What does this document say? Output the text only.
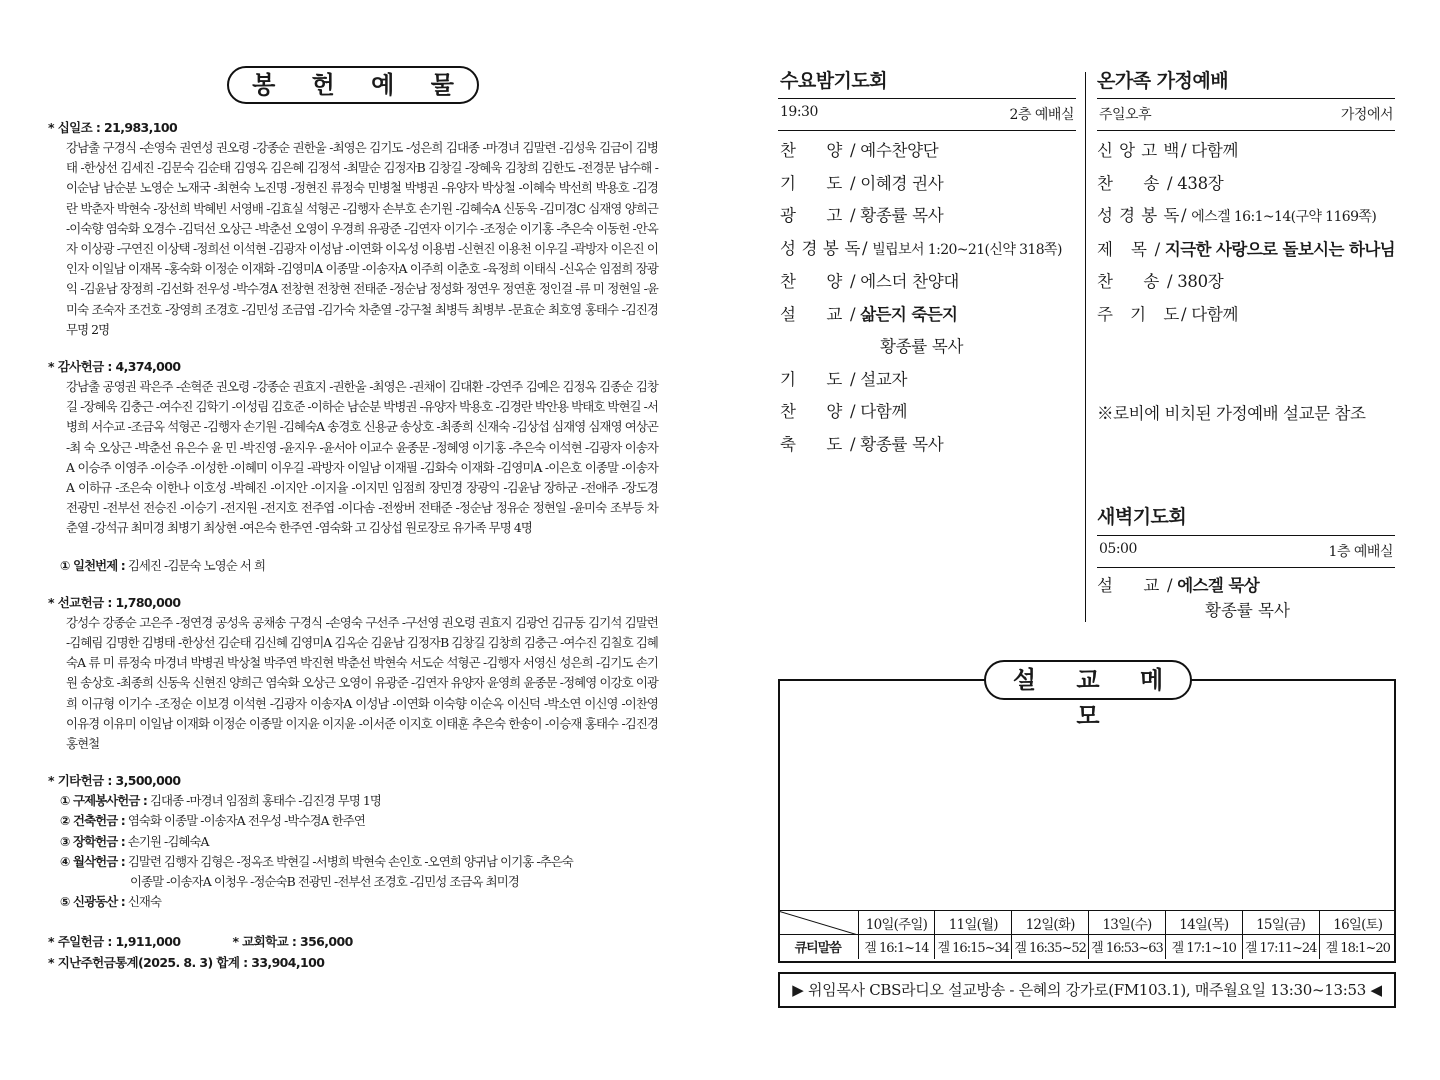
봉 헌 예 물
* 십일조 : 21,983,100
강남출 구경식 -손영숙 권연성 권오령 -강종순 권한울 -최영은 김기도 -성은희 김대종 -마경녀 김말련 -김성욱 김금이 김병태 -한상선 김세진 -김문숙 김순태 김영옥 김은혜 김정석 -최말순 김정자B 김창길 -장혜욱 김창희 김한도 -전경문 남수해 -이순남 남순분 노영순 노재국 -최현숙 노진명 -정현진 류정숙 민병철 박병권 -유양자 박상철 -이혜숙 박선희 박용호 -김경란 박춘자 박현숙 -장선희 박혜빈 서영배 -김효실 석형곤 -김행자 손부호 손기원 -김혜숙A 신동욱 -김미경C 심재영 양희근 -이숙향 염숙화 오경수 -김덕선 오상근 -박춘선 오영이 우경희 유광준 -김연자 이기수 -조정순 이기홍 -추은숙 이동헌 -안옥자 이상광 -구연진 이상택 -정희선 이석현 -김광자 이성남 -이연화 이옥성 이용범 -신현진 이용천 이우길 -곽방자 이은진 이인자 이일남 이재목 -홍숙화 이정순 이재화 -김영미A 이종말 -이송자A 이주희 이춘호 -육정희 이태식 -신옥순 임점희 장광익 -김윤남 장정희 -김선화 전우성 -박수경A 전창현 전창현 전태준 -정순남 정성화 정연우 정연훈 정인걸 -류 미 정현일 -윤미숙 조숙자 조건호 -장영희 조경호 -김민성 조금엽 -김가숙 차춘열 -강구철 최병득 최병부 -문효순 최호영 홍태수 -김진경 무명 2명
* 감사헌금 : 4,374,000
강남출 공영권 곽은주 -손혁준 권오령 -강종순 권효지 -권한울 -최영은 -권채이 김대환 -강연주 김예은 김정옥 김종순 김창길 -장혜욱 김충근 -여수진 김학기 -이성림 김호준 -이하순 남순분 박병권 -유양자 박용호 -김경란 박안용 박태호 박현길 -서병희 서수교 -조금옥 석형곤 -김행자 손기원 -김혜숙A 송경호 신용균 송상호 -최종희 신재숙 -김상섭 심재영 심재영 여상곤 -최 숙 오상근 -박춘선 유은수 윤 민 -박진영 -윤지우 -윤서아 이교수 윤종문 -정혜영 이기홍 -추은숙 이석현 -김광자 이송자A 이승주 이영주 -이승주 -이성한 -이혜미 이우길 -곽방자 이일남 이재필 -김화숙 이재화 -김영미A -이은호 이종말 -이송자A 이하규 -조은숙 이한나 이호성 -박혜진 -이지안 -이지율 -이지민 임점희 장민경 장광익 -김윤남 장하군 -전애주 -장도경 전광민 -전부선 전승진 -이승기 -전지원 -전지호 전주엽 -이다솜 -전쌍버 전태준 -정순남 정유순 정현일 -윤미숙 조부등 차춘열 -강석규 최미경 최병기 최상현 -여은숙 한주연 -염숙화 고 김상섭 원로장로 유가족 무명 4명
① 일천번제 : 김세진 -김문숙 노영순 서 희
* 선교헌금 : 1,780,000
강성수 강종순 고은주 -정연경 공성욱 공채송 구경식 -손영숙 구선주 -구선영 권오령 권효지 김광언 김규동 김기석 김말련 -김혜림 김명한 김병태 -한상선 김순태 김신혜 김영미A 김옥순 김윤남 김정자B 김창길 김창희 김충근 -여수진 김칠호 김혜숙A 류 미 류정숙 마경녀 박병권 박상철 박주연 박진현 박춘선 박현숙 서도순 석형곤 -김행자 서영신 성은희 -김기도 손기원 송상호 -최종희 신동욱 신현진 양희근 염숙화 오상근 오영이 유광준 -김연자 유양자 윤영희 윤종문 -정혜영 이강호 이광희 이규형 이기수 -조정순 이보경 이석현 -김광자 이송자A 이성남 -이연화 이숙향 이순옥 이신덕 -박소연 이신영 -이찬영 이유경 이유미 이일남 이재화 이정순 이종말 이지윤 이지윤 -이서준 이지호 이태훈 추은숙 한송이 -이승재 홍태수 -김진경 홍현철
* 기타헌금 : 3,500,000
① 구제봉사헌금 : 김대종 -마경녀 임점희 홍태수 -김진경 무명 1명
② 건축헌금 : 염숙화 이종말 -이송자A 전우성 -박수경A 한주연
③ 장학헌금 : 손기원 -김혜숙A
④ 월삭헌금 : 김말련 김행자 김형은 -정옥조 박현길 -서병희 박현숙 손인호 -오연희 양귀남 이기홍 -추은숙
이종말 -이송자A 이청우 -정순숙B 전광민 -전부선 조경호 -김민성 조금옥 최미경
⑤ 신광동산 : 신재숙
* 주일헌금 : 1,911,000	* 교회학교 : 356,000
* 지난주헌금통계(2025. 8. 3) 합계 : 33,904,100
수요밤기도회
19:30	2층 예배실
찬 양 / 예수찬양단
기 도 / 이혜경 권사
광 고 / 황종률 목사
성 경 봉 독 / 빌립보서 1:20~21(신약 318쪽)
찬 양 / 에스더 찬양대
설 교 / 삶든지 죽든지
황종률 목사
기 도 / 설교자
찬 양 / 다함께
축 도 / 황종률 목사
온가족 가정예배
주일오후	가정에서
신 앙 고 백 / 다함께
찬 송 / 438장
성 경 봉 독 / 에스겔 16:1~14(구약 1169쪽)
제 목 / 지극한 사랑으로 돌보시는 하나님
찬 송 / 380장
주 기 도 / 다함께
※로비에 비치된 가정예배 설교문 참조
새벽기도회
05:00	1층 예배실
설 교 / 에스겔 묵상
황종률 목사
설 교 메 모
	10일(주일)	11일(월)	12일(화)	13일(수)	14일(목)	15일(금)	16일(토)
큐티말씀	겔 16:1~14	겔 16:15~34	겔 16:35~52	겔 16:53~63	겔 17:1~10	겔 17:11~24	겔 18:1~20
▶ 위임목사 CBS라디오 설교방송 - 은혜의 강가로(FM103.1), 매주월요일 13:30~13:53 ◀
